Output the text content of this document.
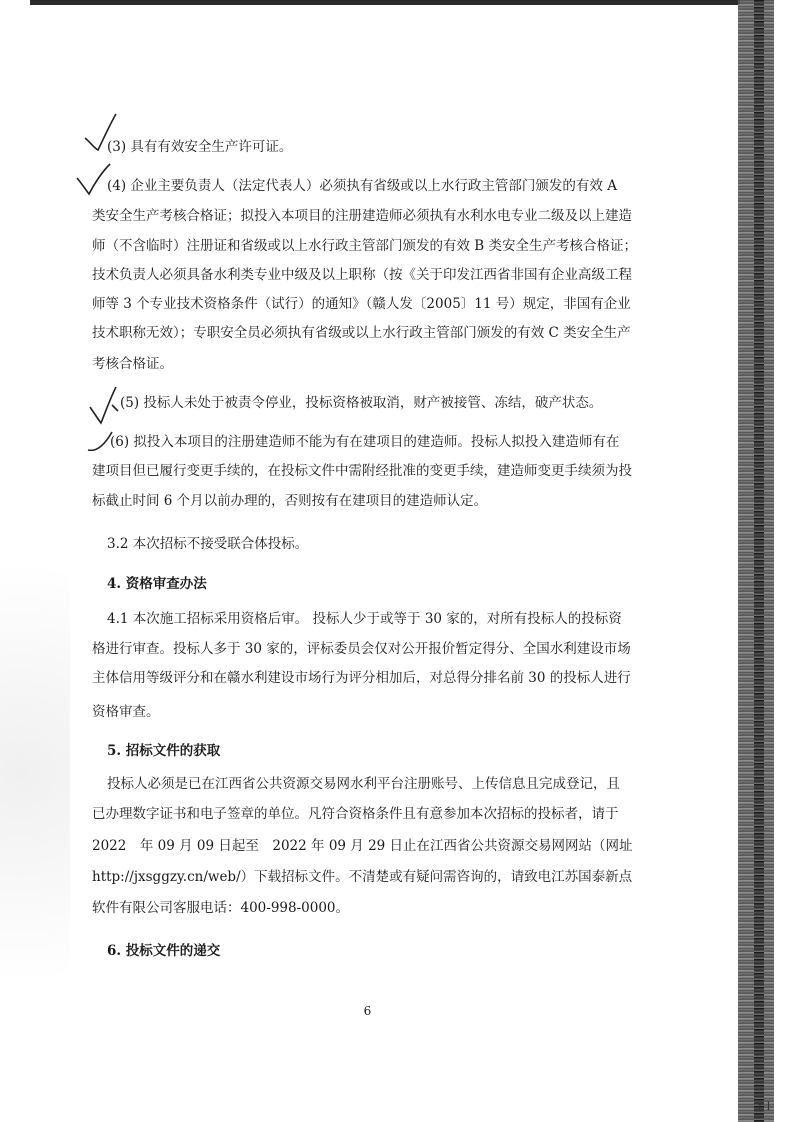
(3) 具有有效安全生产许可证。
(4) 企业主要负责人（法定代表人）必须执有省级或以上水行政主管部门颁发的有效 A
类安全生产考核合格证；拟投入本项目的注册建造师必须执有水利水电专业二级及以上建造
师（不含临时）注册证和省级或以上水行政主管部门颁发的有效 B 类安全生产考核合格证；
技术负责人必须具备水利类专业中级及以上职称（按《关于印发江西省非国有企业高级工程
师等 3 个专业技术资格条件（试行）的通知》（赣人发〔2005〕11 号）规定，非国有企业
技术职称无效）；专职安全员必须执有省级或以上水行政主管部门颁发的有效 C 类安全生产
考核合格证。
(5) 投标人未处于被责令停业，投标资格被取消，财产被接管、冻结，破产状态。
(6) 拟投入本项目的注册建造师不能为有在建项目的建造师。投标人拟投入建造师有在
建项目但已履行变更手续的，在投标文件中需附经批准的变更手续，建造师变更手续须为投
标截止时间 6 个月以前办理的，否则按有在建项目的建造师认定。
3.2 本次招标不接受联合体投标。
4. 资格审查办法
4.1 本次施工招标采用资格后审。 投标人少于或等于 30 家的，对所有投标人的投标资
格进行审查。投标人多于 30 家的，评标委员会仅对公开报价暂定得分、全国水利建设市场
主体信用等级评分和在赣水利建设市场行为评分相加后，对总得分排名前 30 的投标人进行
资格审查。
5. 招标文件的获取
投标人必须是已在江西省公共资源交易网水利平台注册账号、上传信息且完成登记，且
已办理数字证书和电子签章的单位。凡符合资格条件且有意参加本次招标的投标者，请于
2022　年 09 月 09 日起至　2022 年 09 月 29 日止在江西省公共资源交易网网站（网址
http://jxsggzy.cn/web/）下载招标文件。不清楚或有疑问需咨询的，请致电江苏国泰新点
软件有限公司客服电话：400-998-0000。
6. 投标文件的递交
6
r l
